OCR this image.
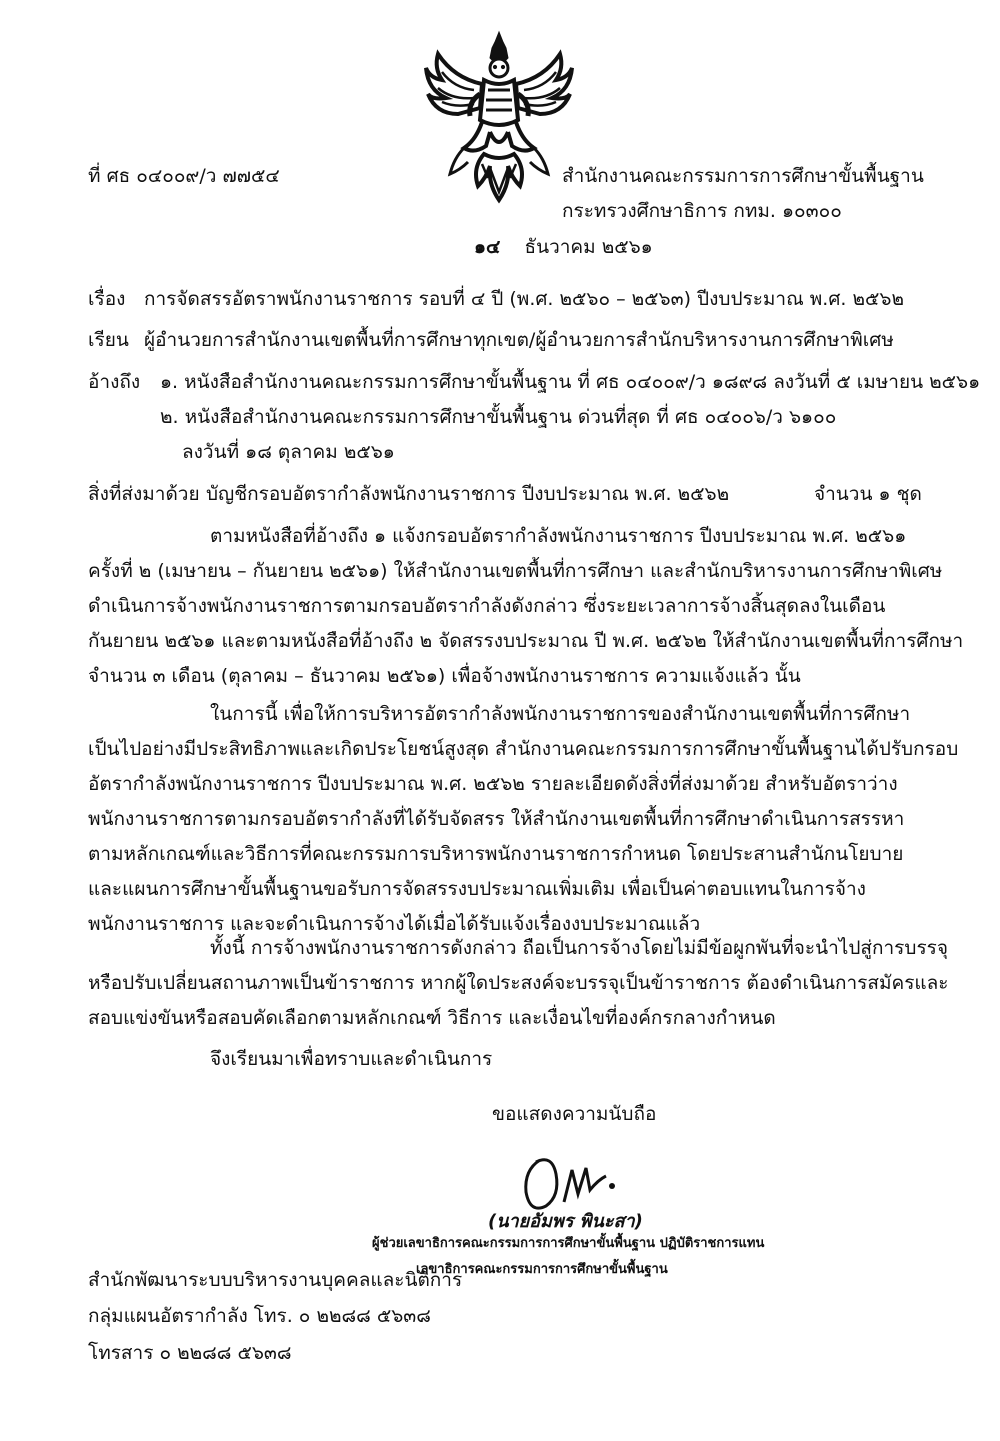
ที่ ศธ ๐๔๐๐๙/ว ๗๗๕๔	สำนักงานคณะกรรมการการศึกษาขั้นพื้นฐาน
กระทรวงศึกษาธิการ กทม. ๑๐๓๐๐
๑๔ ธันวาคม ๒๕๖๑
เรื่อง การจัดสรรอัตราพนักงานราชการ รอบที่ ๔ ปี (พ.ศ. ๒๕๖๐ – ๒๕๖๓) ปีงบประมาณ พ.ศ. ๒๕๖๒
เรียน ผู้อำนวยการสำนักงานเขตพื้นที่การศึกษาทุกเขต/ผู้อำนวยการสำนักบริหารงานการศึกษาพิเศษ
อ้างถึง ๑. หนังสือสำนักงานคณะกรรมการศึกษาขั้นพื้นฐาน ที่ ศธ ๐๔๐๐๙/ว ๑๘๙๘ ลงวันที่ ๕ เมษายน ๒๕๖๑
๒. หนังสือสำนักงานคณะกรรมการศึกษาขั้นพื้นฐาน ด่วนที่สุด ที่ ศธ ๐๔๐๐๖/ว ๖๑๐๐
ลงวันที่ ๑๘ ตุลาคม ๒๕๖๑
สิ่งที่ส่งมาด้วย บัญชีกรอบอัตรากำลังพนักงานราชการ ปีงบประมาณ พ.ศ. ๒๕๖๒	จำนวน ๑ ชุด
ตามหนังสือที่อ้างถึง ๑ แจ้งกรอบอัตรากำลังพนักงานราชการ ปีงบประมาณ พ.ศ. ๒๕๖๑
ครั้งที่ ๒ (เมษายน – กันยายน ๒๕๖๑) ให้สำนักงานเขตพื้นที่การศึกษา และสำนักบริหารงานการศึกษาพิเศษ
ดำเนินการจ้างพนักงานราชการตามกรอบอัตรากำลังดังกล่าว ซึ่งระยะเวลาการจ้างสิ้นสุดลงในเดือน
กันยายน ๒๕๖๑ และตามหนังสือที่อ้างถึง ๒ จัดสรรงบประมาณ ปี พ.ศ. ๒๕๖๒ ให้สำนักงานเขตพื้นที่การศึกษา
จำนวน ๓ เดือน (ตุลาคม – ธันวาคม ๒๕๖๑) เพื่อจ้างพนักงานราชการ ความแจ้งแล้ว นั้น
ในการนี้ เพื่อให้การบริหารอัตรากำลังพนักงานราชการของสำนักงานเขตพื้นที่การศึกษา
เป็นไปอย่างมีประสิทธิภาพและเกิดประโยชน์สูงสุด สำนักงานคณะกรรมการการศึกษาขั้นพื้นฐานได้ปรับกรอบ
อัตรากำลังพนักงานราชการ ปีงบประมาณ พ.ศ. ๒๕๖๒ รายละเอียดดังสิ่งที่ส่งมาด้วย สำหรับอัตราว่าง
พนักงานราชการตามกรอบอัตรากำลังที่ได้รับจัดสรร ให้สำนักงานเขตพื้นที่การศึกษาดำเนินการสรรหา
ตามหลักเกณฑ์และวิธีการที่คณะกรรมการบริหารพนักงานราชการกำหนด โดยประสานสำนักนโยบาย
และแผนการศึกษาขั้นพื้นฐานขอรับการจัดสรรงบประมาณเพิ่มเติม เพื่อเป็นค่าตอบแทนในการจ้าง
พนักงานราชการ และจะดำเนินการจ้างได้เมื่อได้รับแจ้งเรื่องงบประมาณแล้ว
ทั้งนี้ การจ้างพนักงานราชการดังกล่าว ถือเป็นการจ้างโดยไม่มีข้อผูกพันที่จะนำไปสู่การบรรจุ
หรือปรับเปลี่ยนสถานภาพเป็นข้าราชการ หากผู้ใดประสงค์จะบรรจุเป็นข้าราชการ ต้องดำเนินการสมัครและ
สอบแข่งขันหรือสอบคัดเลือกตามหลักเกณฑ์ วิธีการ และเงื่อนไขที่องค์กรกลางกำหนด
จึงเรียนมาเพื่อทราบและดำเนินการ
ขอแสดงความนับถือ
(นายอัมพร พินะสา)
ผู้ช่วยเลขาธิการคณะกรรมการการศึกษาขั้นพื้นฐาน ปฏิบัติราชการแทน
เลขาธิการคณะกรรมการการศึกษาขั้นพื้นฐาน
สำนักพัฒนาระบบบริหารงานบุคคลและนิติการ
กลุ่มแผนอัตรากำลัง โทร. ๐ ๒๒๘๘ ๕๖๓๘
โทรสาร ๐ ๒๒๘๘ ๕๖๓๘
